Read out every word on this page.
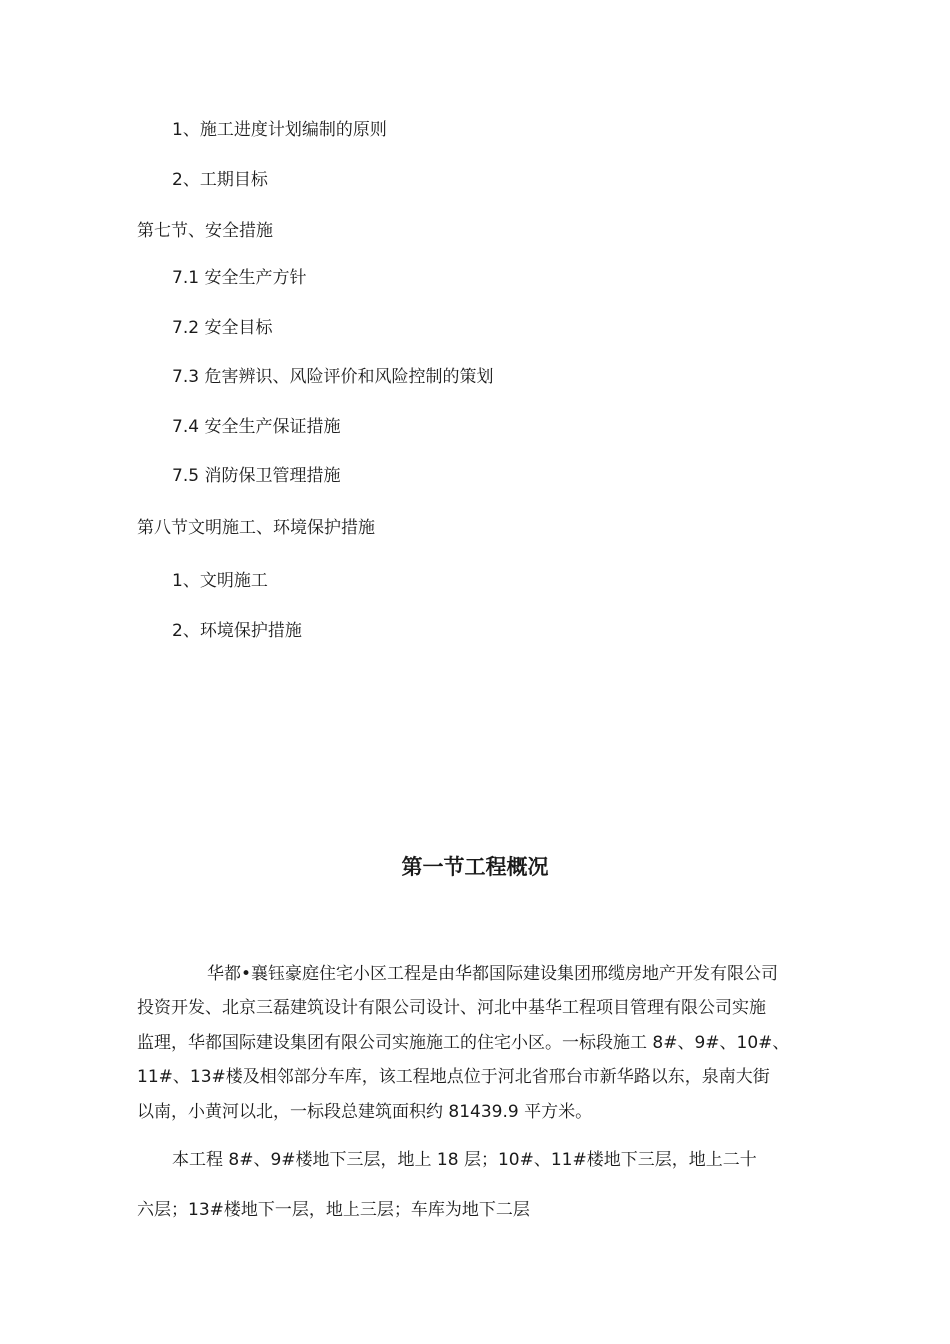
1、施工进度计划编制的原则
2、工期目标
第七节、安全措施
7.1 安全生产方针
7.2 安全目标
7.3 危害辨识、风险评价和风险控制的策划
7.4 安全生产保证措施
7.5 消防保卫管理措施
第八节文明施工、环境保护措施
1、文明施工
2、环境保护措施
第一节工程概况
华都•襄钰豪庭住宅小区工程是由华都国际建设集团邢缆房地产开发有限公司
投资开发、北京三磊建筑设计有限公司设计、河北中基华工程项目管理有限公司实施
监理，华都国际建设集团有限公司实施施工的住宅小区。一标段施工 8#、9#、10#、
11#、13#楼及相邻部分车库，该工程地点位于河北省邢台市新华路以东，泉南大街
以南，小黄河以北，一标段总建筑面积约 81439.9 平方米。
本工程 8#、9#楼地下三层，地上 18 层；10#、11#楼地下三层，地上二十
六层；13#楼地下一层，地上三层；车库为地下二层
